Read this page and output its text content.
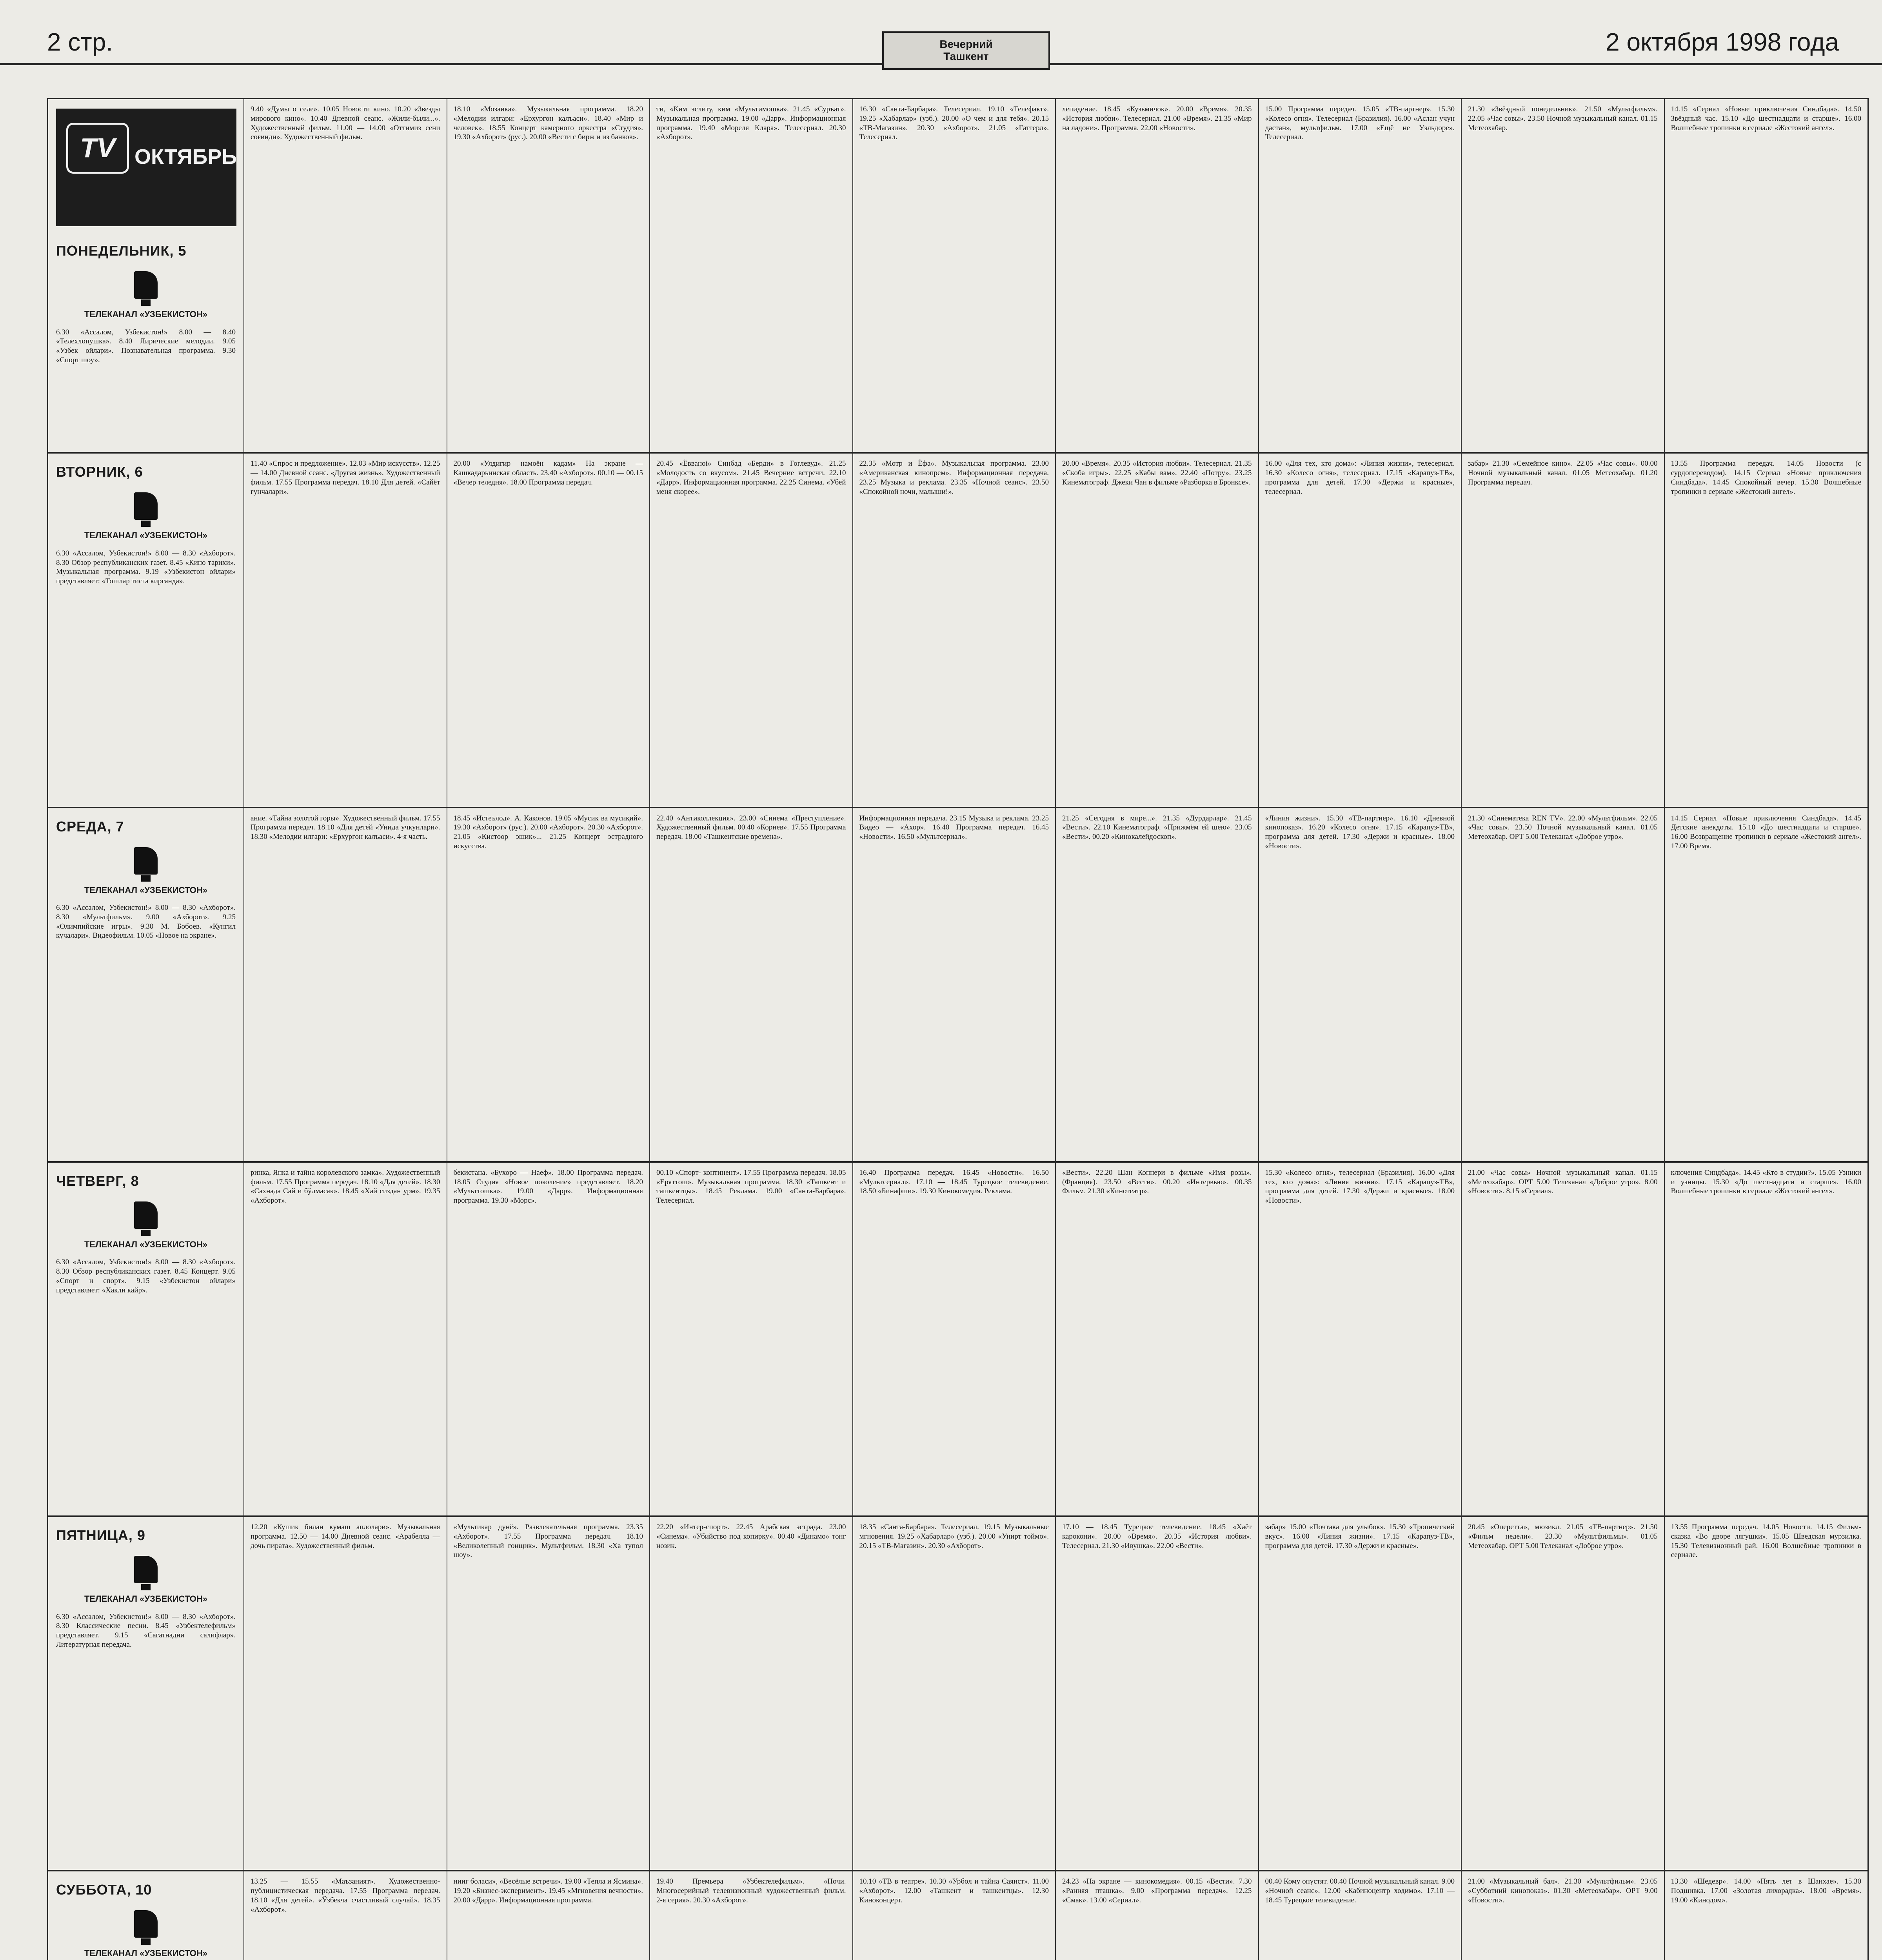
2 стр.	Вечерний
Ташкент
2 октября 1998 года
TV ОКТЯБРЬ
ПОНЕДЕЛЬНИК, 5
ТЕЛЕКАНАЛ «УЗБЕКИСТОН»
6.30 «Ассалом, Узбекистон!» 8.00 — 8.40 «Телехлопушка». 8.40 Лирические мелодии. 9.05 «Узбек ойлари». Познавательная программа. 9.30 «Спорт шоу».
9.40 «Думы о селе». 10.05 Новости кино. 10.20 «Звезды мирового кино». 10.40 Дневной сеанс. «Жили-были...». Художественный фильм. 11.00 — 14.00 «Оттимиз сени соғинди». Художественный фильм.
18.10 «Мозаика». Музыкальная программа. 18.20 «Мелодии илгари: «Ерхургон калъаси». 18.40 «Мир и человек». 18.55 Концерт камерного оркестра «Студия». 19.30 «Ахборот» (рус.). 20.00 «Вести с бирж и из банков».
ти, «Ким эслиту, ким «Мультимошка». 21.45 «Суръат». Музыкальная программа. 19.00 «Дарр». Информационная программа. 19.40 «Мореля Клара». Телесериал. 20.30 «Ахборот».
16.30 «Санта-Барбара». Телесериал. 19.10 «Телефакт». 19.25 «Хабарлар» (узб.). 20.00 «О чем и для тебя». 20.15 «ТВ-Магазин». 20.30 «Ахборот». 21.05 «Гаттерл». Телесериал.
лепидение. 18.45 «Кузьмичок». 20.00 «Время». 20.35 «История любви». Телесериал. 21.00 «Время». 21.35 «Мир на ладони». Программа. 22.00 «Новости».
15.00 Программа передач. 15.05 «ТВ-партнер». 15.30 «Колесо огня». Телесериал (Бразилия). 16.00 «Аслан учун дастан», мультфильм. 17.00 «Ещё не Уэльдоре». Телесериал.
21.30 «Звёздный понедельник». 21.50 «Мультфильм». 22.05 «Час совы». 23.50 Ночной музыкальный канал. 01.15 Метеохабар.
14.15 «Сериал «Новые приключения Синдбада». 14.50 Звёздный час. 15.10 «До шестнадцати и старше». 16.00 Волшебные тропинки в сериале «Жестокий ангел».
ВТОРНИК, 6
ТЕЛЕКАНАЛ «УЗБЕКИСТОН»
6.30 «Ассалом, Узбекистон!» 8.00 — 8.30 «Ахборот». 8.30 Обзор республиканских газет. 8.45 «Кино тарихи». Музыкальная программа. 9.19 «Узбекистон ойлари» представляет: «Тошлар тисга кирганда».
11.40 «Спрос и предложение». 12.03 «Мир искусств». 12.25 — 14.00 Дневной сеанс. «Другая жизнь». Художественный фильм. 17.55 Программа передач. 18.10 Для детей. «Сайёт гунчалари».
20.00 «Улдигир намоён кадам» На экране — Кашкадарьинская область. 23.40 «Ахборот». 00.10 — 00.15 «Вечер теледня». 18.00 Программа передач.
20.45 «Ёвваноi» Синбад «Берди» в Гоглевуд». 21.25 «Молодость со вкусом». 21.45 Вечерние встречи. 22.10 «Дарр». Информационная программа. 22.25 Синема. «Убей меня скорее».
22.35 «Мотр и Ёфа». Музыкальная программа. 23.00 «Американская кинопрем». Информационная передача. 23.25 Музыка и реклама. 23.35 «Ночной сеанс». 23.50 «Спокойной ночи, малыши!».
20.00 «Время». 20.35 «История любви». Телесериал. 21.35 «Скоба игры». 22.25 «Кабы вам». 22.40 «Потру». 23.25 Кинематограф. Джеки Чан в фильме «Разборка в Бронксе».
16.00 «Для тех, кто дома»: «Линия жизни», телесериал. 16.30 «Колесо огня», телесериал. 17.15 «Карапуз-ТВ», программа для детей. 17.30 «Держи и красные», телесериал.
забар» 21.30 «Семейное кино». 22.05 «Час совы». 00.00 Ночной музыкальный канал. 01.05 Метеохабар. 01.20 Программа передач.
13.55 Программа передач. 14.05 Новости (с сурдопереводом). 14.15 Сериал «Новые приключения Синдбада». 14.45 Спокойный вечер. 15.30 Волшебные тропинки в сериале «Жестокий ангел».
СРЕДА, 7
ТЕЛЕКАНАЛ «УЗБЕКИСТОН»
6.30 «Ассалом, Узбекистон!» 8.00 — 8.30 «Ахборот». 8.30 «Мультфильм». 9.00 «Ахборот». 9.25 «Олимпийские игры». 9.30 М. Бобоев. «Кунгил кучалари». Видеофильм. 10.05 «Новое на экране».
ание. «Тайна золотой горы». Художественный фильм. 17.55 Программа передач. 18.10 «Для детей «Унида учкунлари». 18.30 «Мелодии илгари: «Ерхургон калъаси». 4-я часть.
18.45 «Истеълод». А. Каконов. 19.05 «Мусик ва мусиқий». 19.30 «Ахборот» (рус.). 20.00 «Ахборот». 20.30 «Ахборот». 21.05 «Кистоор эшик»... 21.25 Концерт эстрадного искусства.
22.40 «Антиколлекция». 23.00 «Синема «Преступление». Художественный фильм. 00.40 «Корнев». 17.55 Программа передач. 18.00 «Ташкентские времена».
Информационная передача. 23.15 Музыка и реклама. 23.25 Видео — «Ахор». 16.40 Программа передач. 16.45 «Новости». 16.50 «Мультсериал».
21.25 «Сегодня в мире...». 21.35 «Дурдарлар». 21.45 «Вести». 22.10 Кинематограф. «Прижмём ей шею». 23.05 «Вести». 00.20 «Кинокалейдоскоп».
«Линия жизни». 15.30 «ТВ-партнер». 16.10 «Дневной кинопоказ». 16.20 «Колесо огня». 17.15 «Карапуз-ТВ», программа для детей. 17.30 «Держи и красные». 18.00 «Новости».
21.30 «Синематека REN TV». 22.00 «Мультфильм». 22.05 «Час совы». 23.50 Ночной музыкальный канал. 01.05 Метеохабар. ОРТ 5.00 Телеканал «Доброе утро».
14.15 Сериал «Новые приключения Синдбада». 14.45 Детские анекдоты. 15.10 «До шестнадцати и старше». 16.00 Возвращение тропинки в сериале «Жестокий ангел». 17.00 Время.
ЧЕТВЕРГ, 8
ТЕЛЕКАНАЛ «УЗБЕКИСТОН»
6.30 «Ассалом, Узбекистон!» 8.00 — 8.30 «Ахборот». 8.30 Обзор республиканских газет. 8.45 Концерт. 9.05 «Спорт и спорт». 9.15 «Узбекистон ойлари» представляет: «Хакли кайр».
ринка, Янка и тайна королевского замка». Художественный фильм. 17.55 Программа передач. 18.10 «Для детей». 18.30 «Сахнада Сай и бўлмасак». 18.45 «Хай сиздан урм». 19.35 «Ахборот».
бекистана. «Бухоро — Наеф». 18.00 Программа передач. 18.05 Студия «Новое поколение» представляет. 18.20 «Мульттошка». 19.00 «Дарр». Информационная программа. 19.30 «Морс».
00.10 «Спорт- континент». 17.55 Программа передач. 18.05 «Еряттош». Музыкальная программа. 18.30 «Ташкент и ташкентцы». 18.45 Реклама. 19.00 «Санта-Барбара». Телесериал.
16.40 Программа передач. 16.45 «Новости». 16.50 «Мультсериал». 17.10 — 18.45 Турецкое телевидение. 18.50 «Бинафши». 19.30 Кинокомедия. Реклама.
«Вести». 22.20 Шан Коннери в фильме «Имя розы». (Франция). 23.50 «Вести». 00.20 «Интервью». 00.35 Фильм. 21.30 «Кинотеатр».
15.30 «Колесо огня», телесериал (Бразилия). 16.00 «Для тех, кто дома»: «Линия жизни». 17.15 «Карапуз-ТВ», программа для детей. 17.30 «Держи и красные». 18.00 «Новости».
21.00 «Час совы» Ночной музыкальный канал. 01.15 «Метеохабар». ОРТ 5.00 Телеканал «Доброе утро». 8.00 «Новости». 8.15 «Сериал».
ключения Синдбада». 14.45 «Кто в студии?». 15.05 Узники и узницы. 15.30 «До шестнадцати и старше». 16.00 Волшебные тропинки в сериале «Жестокий ангел».
ПЯТНИЦА, 9
ТЕЛЕКАНАЛ «УЗБЕКИСТОН»
6.30 «Ассалом, Узбекистон!» 8.00 — 8.30 «Ахборот». 8.30 Классические песни. 8.45 «Узбектелефильм» представляет. 9.15 «Сагатнадни салифлар». Литературная передача.
12.20 «Кушик билан кумаш аплолари». Музыкальная программа. 12.50 — 14.00 Дневной сеанс. «Арабелла — дочь пирата». Художественный фильм.
«Мультикар дунё». Развлекательная программа. 23.35 «Ахборот». 17.55 Программа передач. 18.10 «Великолепный гонщик». Мультфильм. 18.30 «Ха тупол шоу».
22.20 «Интер-спорт». 22.45 Арабская эстрада. 23.00 «Синема». «Убийство под копирку». 00.40 «Динамо» тонг нозик.
18.35 «Санта-Барбара». Телесериал. 19.15 Музыкальные мгновения. 19.25 «Хабарлар» (узб.). 20.00 «Унирт тоймо». 20.15 «ТВ-Магазин». 20.30 «Ахборот».
17.10 — 18.45 Турецкое телевидение. 18.45 «Хаёт карокони». 20.00 «Время». 20.35 «История любви». Телесериал. 21.30 «Ивушка». 22.00 «Вести».
забар» 15.00 «Почтака для улыбок». 15.30 «Тропический вкус». 16.00 «Линия жизни». 17.15 «Карапуз-ТВ», программа для детей. 17.30 «Держи и красные».
20.45 «Оперетта», мюзикл. 21.05 «ТВ-партнер». 21.50 «Фильм недели». 23.30 «Мультфильмы». 01.05 Метеохабар. ОРТ 5.00 Телеканал «Доброе утро».
13.55 Программа передач. 14.05 Новости. 14.15 Фильм-сказка «Во дворе лягушки». 15.05 Шведская мурзилка. 15.30 Телевизионный рай. 16.00 Волшебные тропинки в сериале.
СУББОТА, 10
ТЕЛЕКАНАЛ «УЗБЕКИСТОН»
13.25 — 15.55 «Маъзаният». Художественно-публицистическая передача. 17.55 Программа передач. 18.10 «Для детей». «Ўзбекча счастливый случай». 18.35 «Ахборот».
нииг боласи», «Весёлые встречи». 19.00 «Тепла и Ясмина». 19.20 «Бизнес-эксперимент». 19.45 «Мгновения вечности». 20.00 «Дарр». Информационная программа.
19.40 Премьера «Узбектелефильм». «Ночи. Многосерийный телевизионный художественный фильм. 2-я серия». 20.30 «Ахборот».
10.10 «ТВ в театре». 10.30 «Урбол и тайна Саянст». 11.00 «Ахборот». 12.00 «Ташкент и ташкентцы». 12.30 Киноконцерт.
24.23 «На экране — кинокомедия». 00.15 «Вести». 7.30 «Ранняя пташка». 9.00 «Программа передач». 12.25 «Смак». 13.00 «Сериал».
00.40 Кому опустят. 00.40 Ночной музыкальный канал. 9.00 «Ночной сеанс». 12.00 «Кабиноцентр ходимо». 17.10 — 18.45 Турецкое телевидение.
21.00 «Музыкальный бал». 21.30 «Мультфильм». 23.05 «Субботний кинопоказ». 01.30 «Метеохабар». ОРТ 9.00 «Новости».
13.30 «Шедевр». 14.00 «Пять лет в Шанхае». 15.30 Подшивка. 17.00 «Золотая лихорадка». 18.00 «Время». 19.00 «Кинодом».
